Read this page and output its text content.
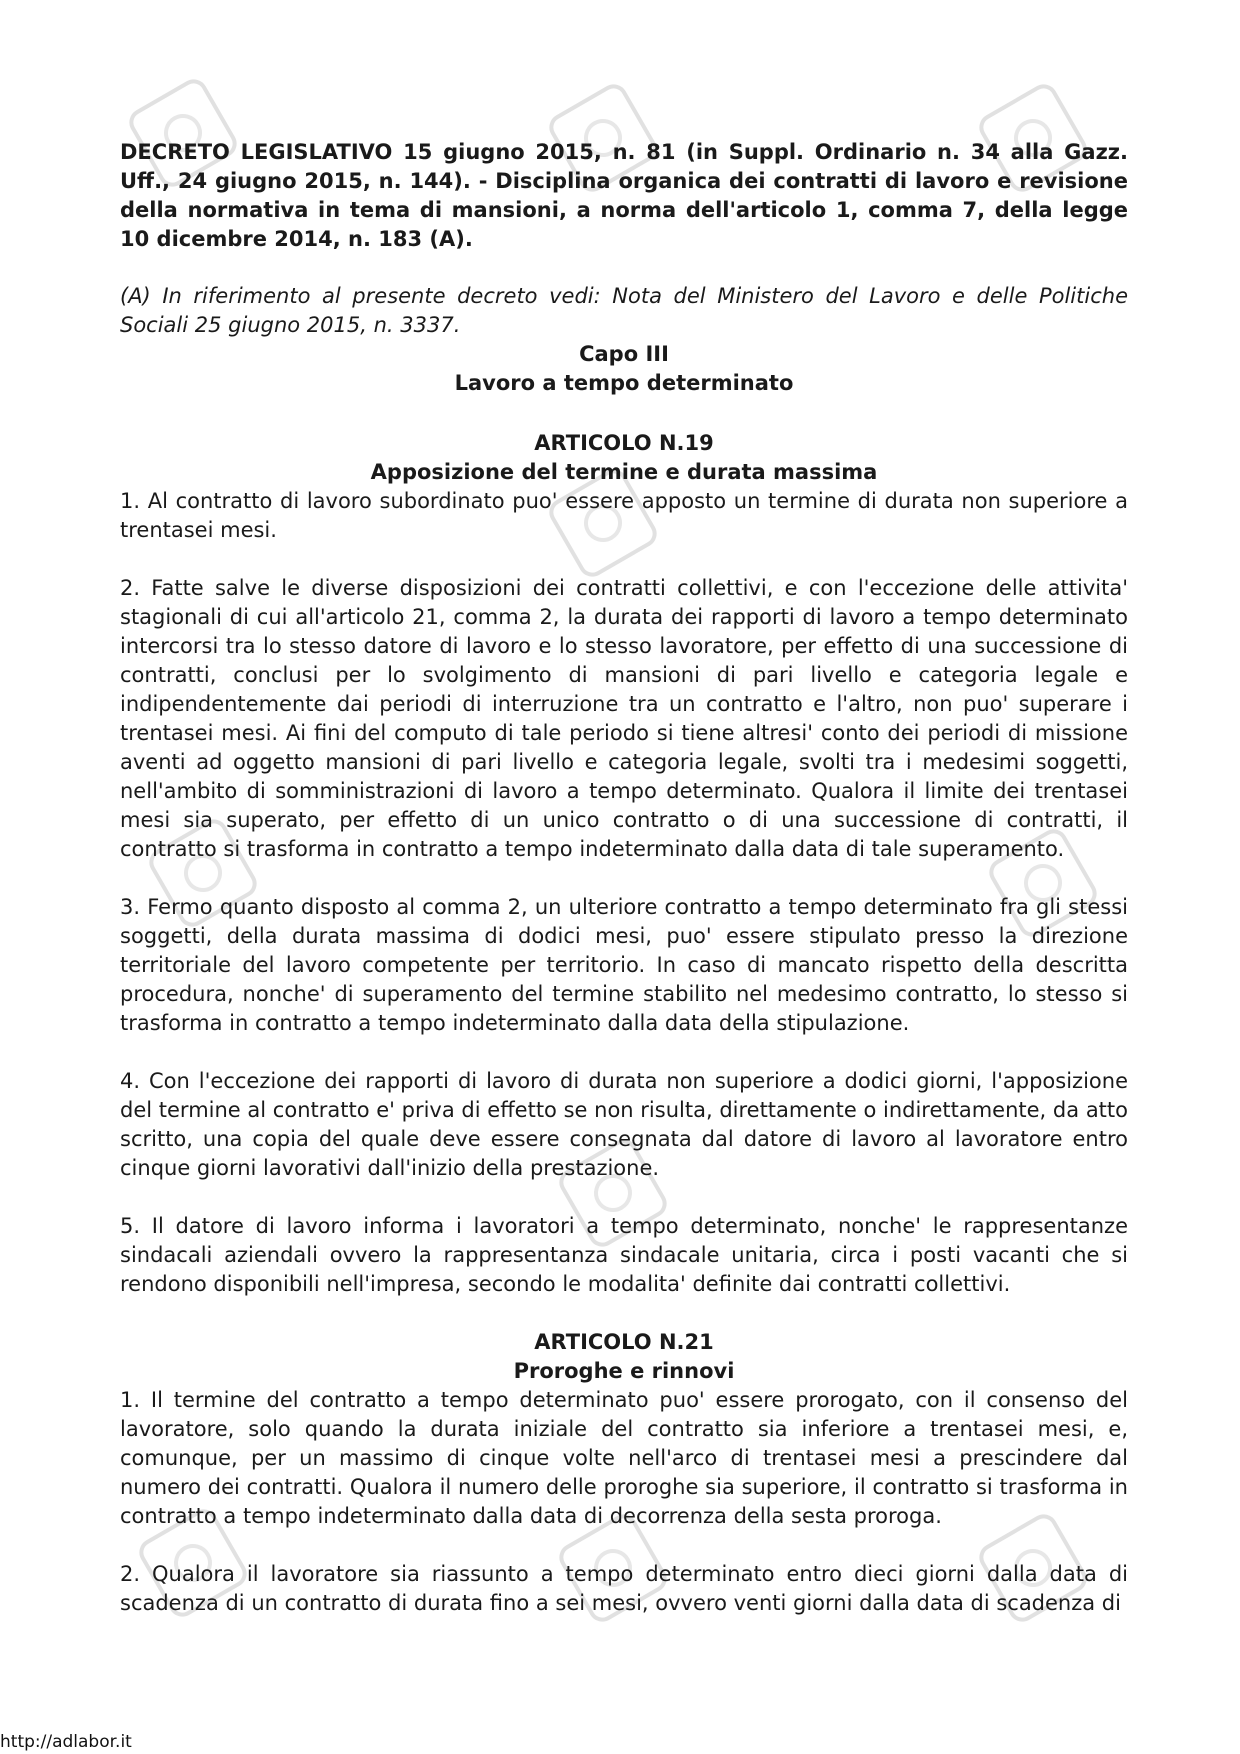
DECRETO LEGISLATIVO 15 giugno 2015, n. 81 (in Suppl. Ordinario n. 34 alla Gazz. Uff., 24 giugno 2015, n. 144). - Disciplina organica dei contratti di lavoro e revisione della normativa in tema di mansioni, a norma dell'articolo 1, comma 7, della legge 10 dicembre 2014, n. 183 (A).

(A) In riferimento al presente decreto vedi: Nota del Ministero del Lavoro e delle Politiche Sociali 25 giugno 2015, n. 3337.

Capo III

Lavoro a tempo determinato

ARTICOLO N.19

Apposizione del termine e durata massima

1. Al contratto di lavoro subordinato puo' essere apposto un termine di durata non superiore a trentasei mesi.

2. Fatte salve le diverse disposizioni dei contratti collettivi, e con l'eccezione delle attivita' stagionali di cui all'articolo 21, comma 2, la durata dei rapporti di lavoro a tempo determinato intercorsi tra lo stesso datore di lavoro e lo stesso lavoratore, per effetto di una successione di contratti, conclusi per lo svolgimento di mansioni di pari livello e categoria legale e indipendentemente dai periodi di interruzione tra un contratto e l'altro, non puo' superare i trentasei mesi. Ai fini del computo di tale periodo si tiene altresi' conto dei periodi di missione aventi ad oggetto mansioni di pari livello e categoria legale, svolti tra i medesimi soggetti, nell'ambito di somministrazioni di lavoro a tempo determinato. Qualora il limite dei trentasei mesi sia superato, per effetto di un unico contratto o di una successione di contratti, il contratto si trasforma in contratto a tempo indeterminato dalla data di tale superamento.

3. Fermo quanto disposto al comma 2, un ulteriore contratto a tempo determinato fra gli stessi soggetti, della durata massima di dodici mesi, puo' essere stipulato presso la direzione territoriale del lavoro competente per territorio. In caso di mancato rispetto della descritta procedura, nonche' di superamento del termine stabilito nel medesimo contratto, lo stesso si trasforma in contratto a tempo indeterminato dalla data della stipulazione.

4. Con l'eccezione dei rapporti di lavoro di durata non superiore a dodici giorni, l'apposizione del termine al contratto e' priva di effetto se non risulta, direttamente o indirettamente, da atto scritto, una copia del quale deve essere consegnata dal datore di lavoro al lavoratore entro cinque giorni lavorativi dall'inizio della prestazione.

5. Il datore di lavoro informa i lavoratori a tempo determinato, nonche' le rappresentanze sindacali aziendali ovvero la rappresentanza sindacale unitaria, circa i posti vacanti che si rendono disponibili nell'impresa, secondo le modalita' definite dai contratti collettivi.

ARTICOLO N.21

Proroghe e rinnovi

1. Il termine del contratto a tempo determinato puo' essere prorogato, con il consenso del lavoratore, solo quando la durata iniziale del contratto sia inferiore a trentasei mesi, e, comunque, per un massimo di cinque volte nell'arco di trentasei mesi a prescindere dal numero dei contratti. Qualora il numero delle proroghe sia superiore, il contratto si trasforma in contratto a tempo indeterminato dalla data di decorrenza della sesta proroga.

2. Qualora il lavoratore sia riassunto a tempo determinato entro dieci giorni dalla data di scadenza di un contratto di durata fino a sei mesi, ovvero venti giorni dalla data di scadenza di

http://adlabor.it
